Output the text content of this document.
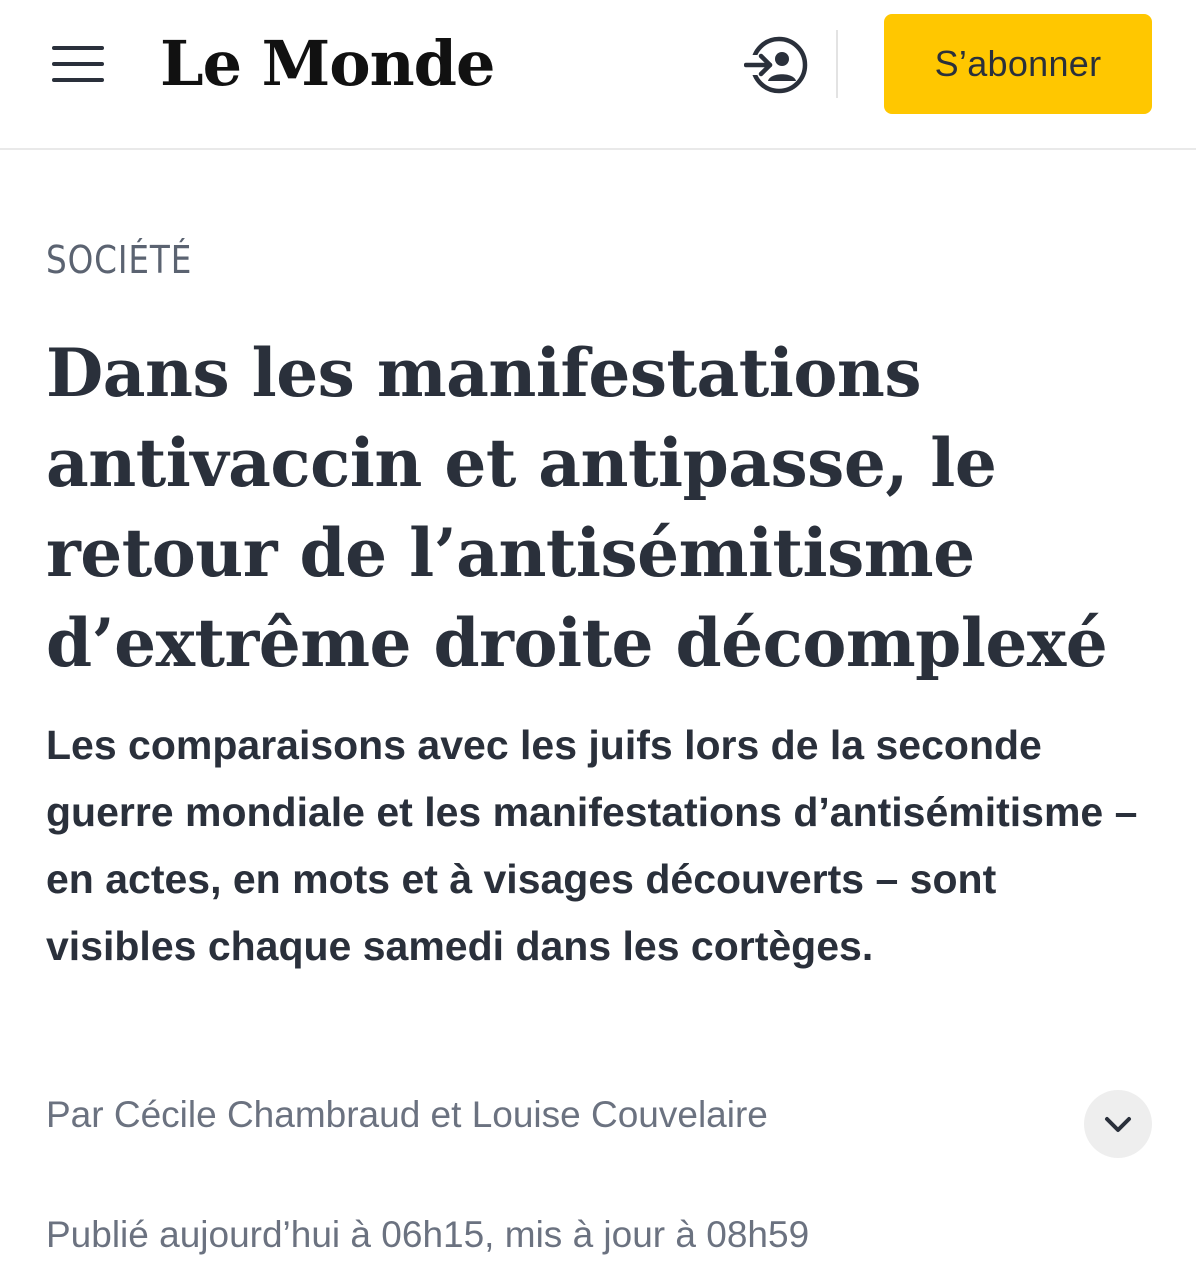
Le Monde	S’abonner
SOCIÉTÉ
Dans les manifestations antivaccin et antipasse, le retour de l’antisémitisme d’extrême droite décomplexé

Les comparaisons avec les juifs lors de la seconde guerre mondiale et les manifestations d’antisémitisme – en actes, en mots et à visages découverts – sont visibles chaque samedi dans les cortèges.

Par Cécile Chambraud et Louise Couvelaire
Publié aujourd’hui à 06h15, mis à jour à 08h59
